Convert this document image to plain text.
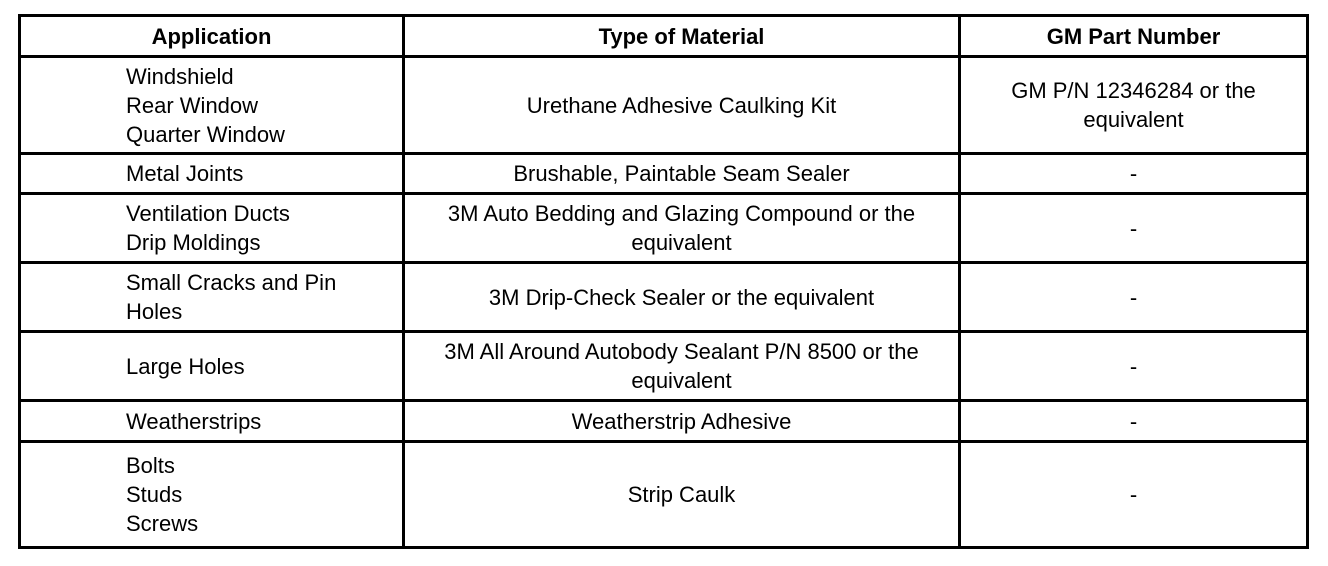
Application	Type of Material	GM Part Number

Windshield
Rear Window
Quarter Window	Urethane Adhesive Caulking Kit	GM P/N 12346284 or the equivalent

Metal Joints	Brushable, Paintable Seam Sealer	-

Ventilation Ducts
Drip Moldings	3M Auto Bedding and Glazing Compound or the equivalent	-

Small Cracks and Pin Holes	3M Drip-Check Sealer or the equivalent	-

Large Holes	3M All Around Autobody Sealant P/N 8500 or the equivalent	-

Weatherstrips	Weatherstrip Adhesive	-

Bolts
Studs
Screws	Strip Caulk	-
